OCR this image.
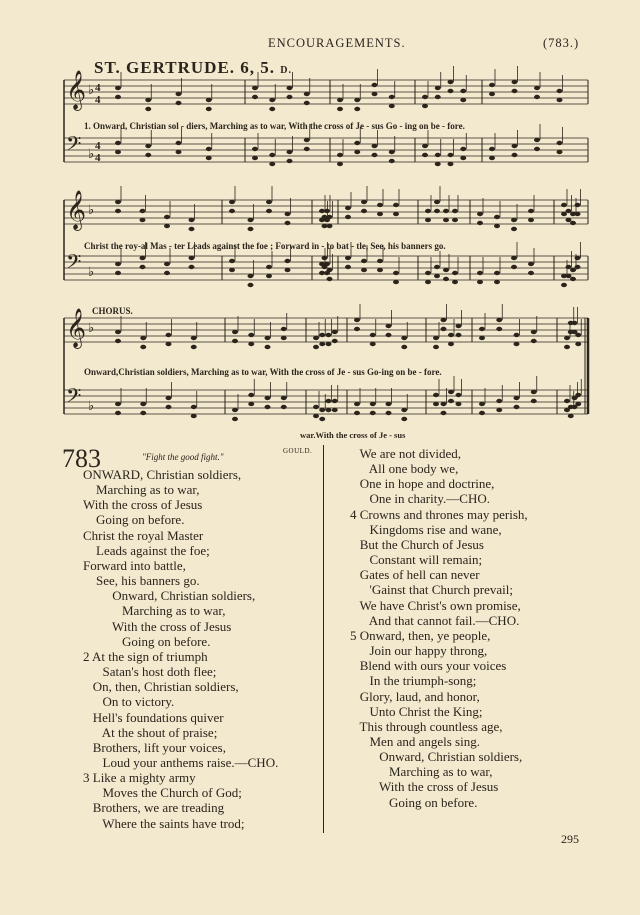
ENCOURAGEMENTS.	(783.)
ST. GERTRUDE. 6, 5. D.
𝄞 ♭ 4
4
𝄢 ♭ 4
4
𝄞 ♭
𝄢 ♭
𝄞 ♭
𝄢 ♭
1. Onward, Christian sol - diers, Marching as to war, With the cross of Je - sus Go - ing on be - fore.
Christ the roy-al Mas - ter Leads against the foe ; Forward in - to bat - tle, See, his banners go.
CHORUS.
Onward,Christian soldiers, Marching as to war, With the cross of Je - sus Go-ing on be - fore.
war.With the cross of Je - sus
783	"Fight the good fight."
GOULD.
ONWARD, Christian soldiers,
Marching as to war,
With the cross of Jesus
Going on before.
Christ the royal Master
Leads against the foe;
Forward into battle,
See, his banners go.
Onward, Christian soldiers,
Marching as to war,
With the cross of Jesus
Going on before.
2 At the sign of triumph
Satan's host doth flee;
On, then, Christian soldiers,
On to victory.
Hell's foundations quiver
At the shout of praise;
Brothers, lift your voices,
Loud your anthems raise.—CHO.
3 Like a mighty army
Moves the Church of God;
Brothers, we are treading
Where the saints have trod;
We are not divided,
All one body we,
One in hope and doctrine,
One in charity.—CHO.
4 Crowns and thrones may perish,
Kingdoms rise and wane,
But the Church of Jesus
Constant will remain;
Gates of hell can never
'Gainst that Church prevail;
We have Christ's own promise,
And that cannot fail.—CHO.
5 Onward, then, ye people,
Join our happy throng,
Blend with ours your voices
In the triumph-song;
Glory, laud, and honor,
Unto Christ the King;
This through countless age,
Men and angels sing.
Onward, Christian soldiers,
Marching as to war,
With the cross of Jesus
Going on before.
295
